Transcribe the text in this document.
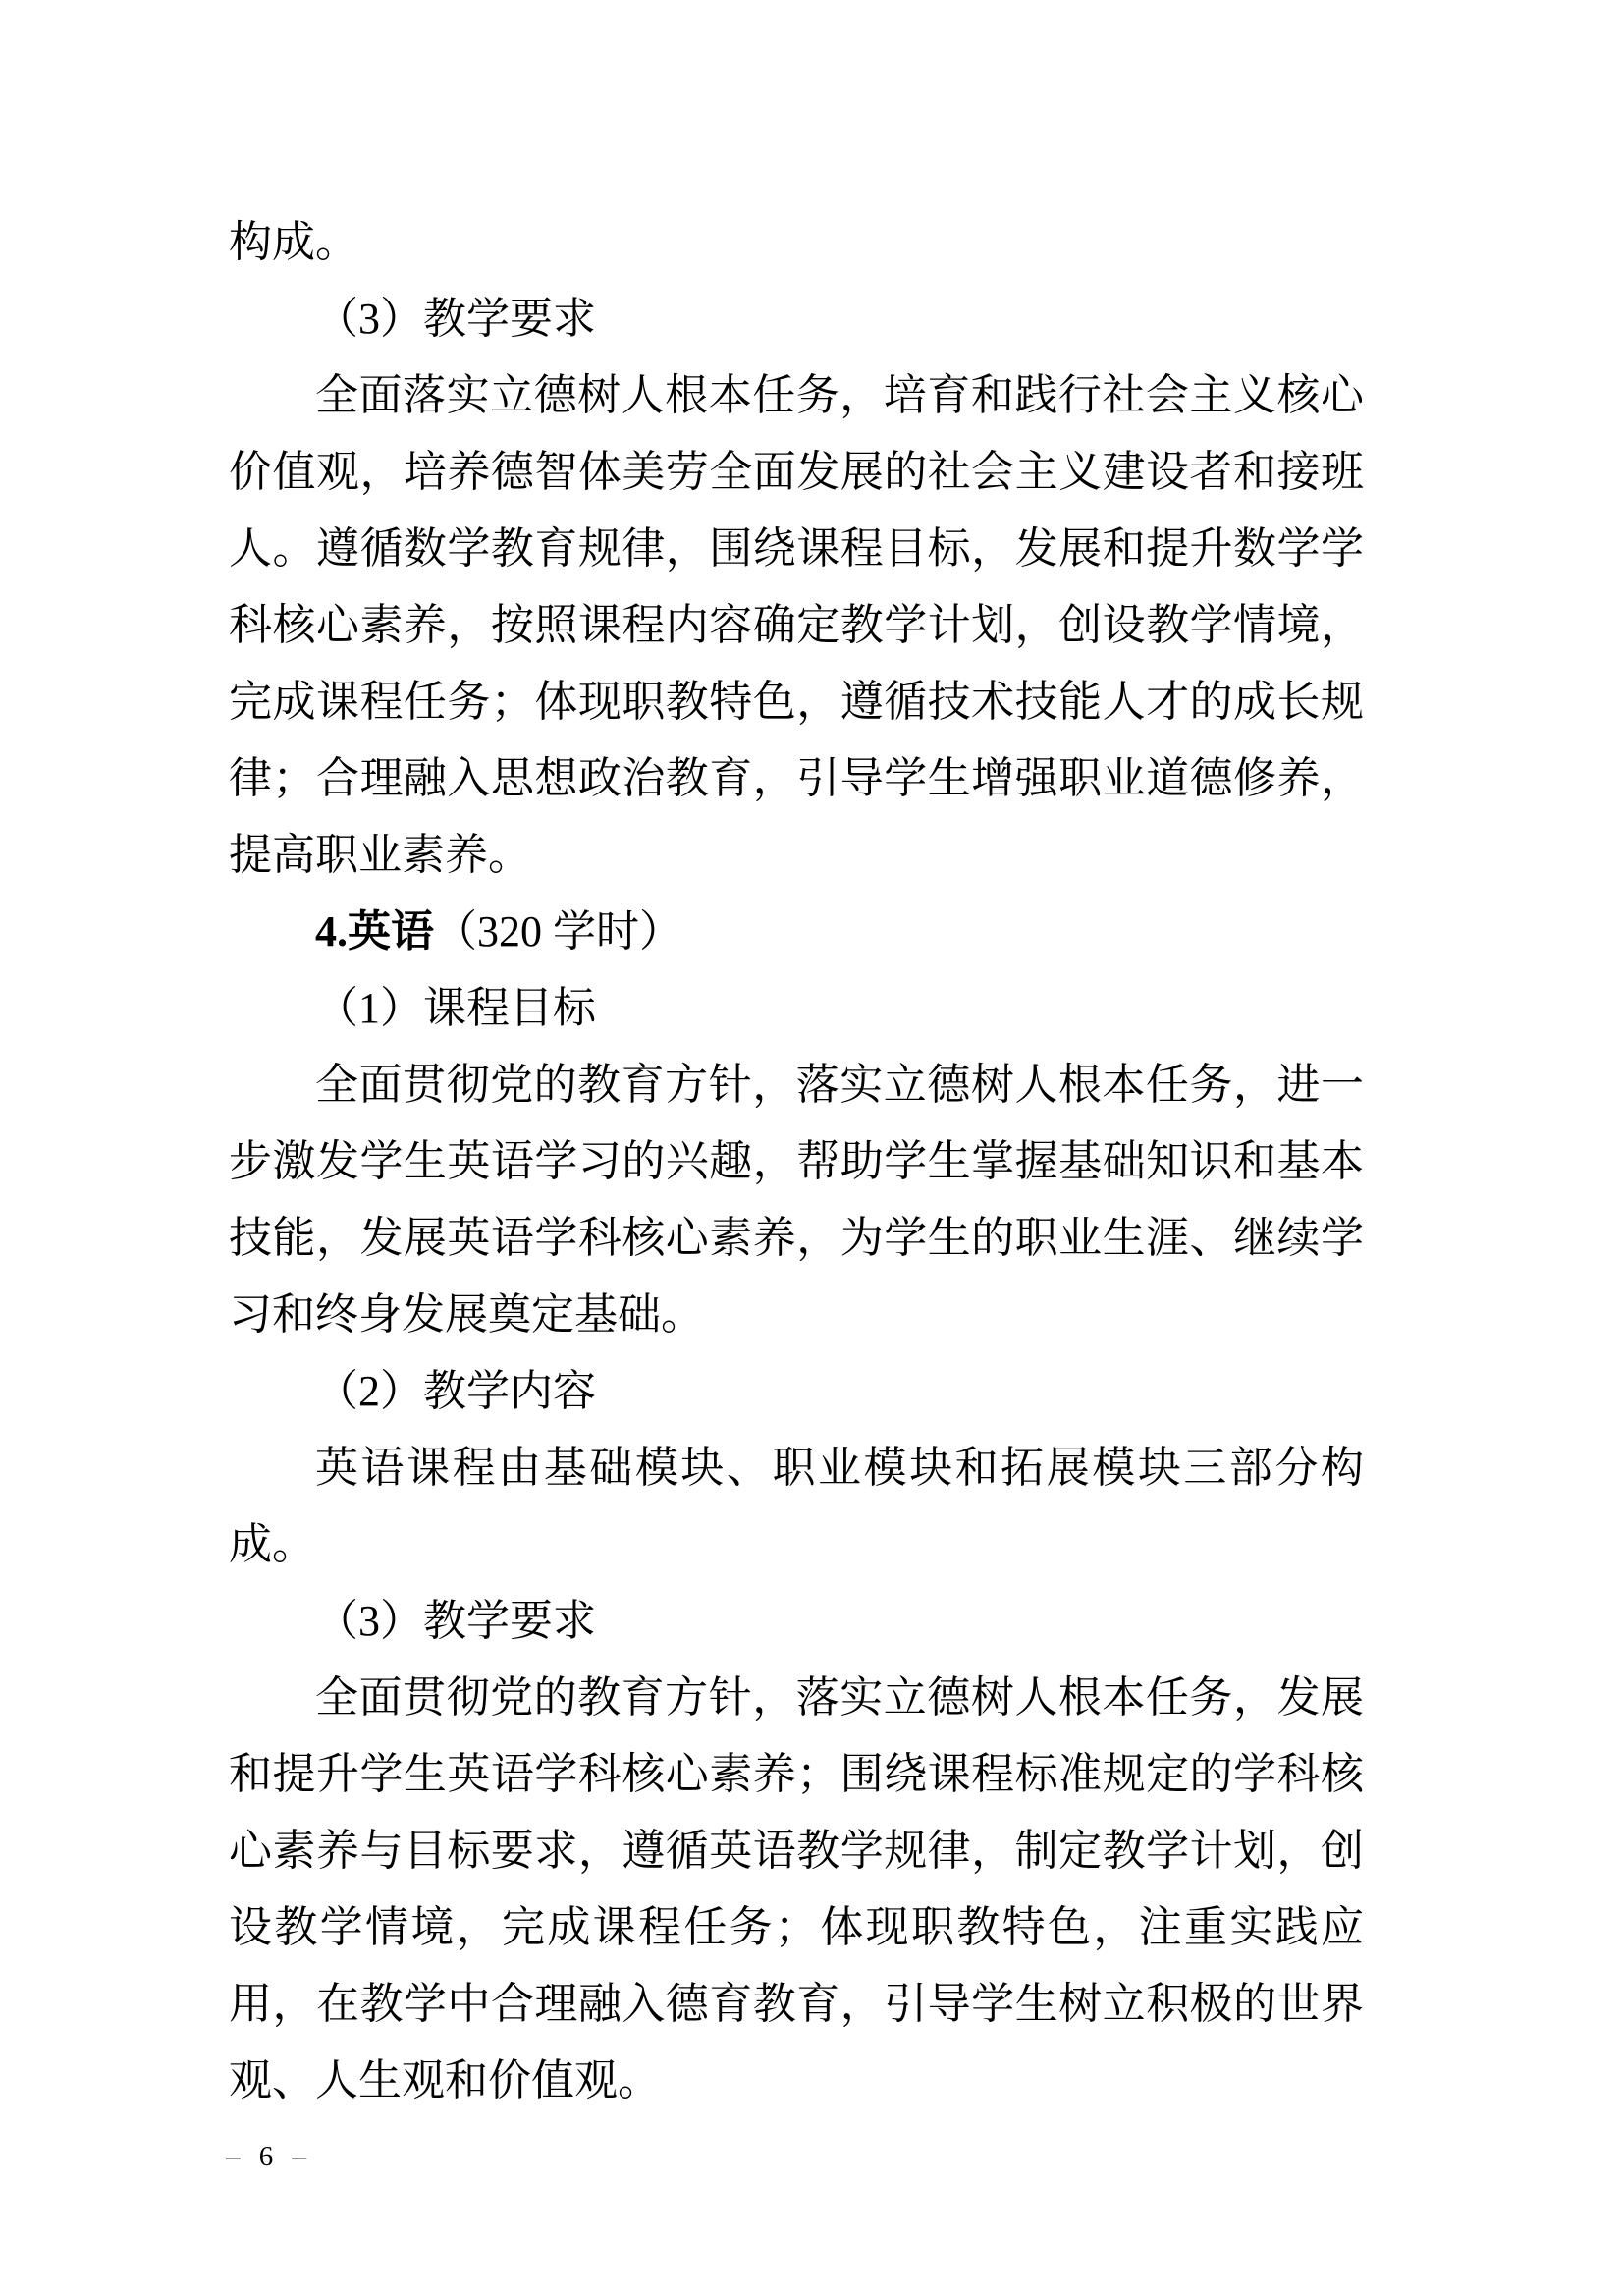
构成。

（3）教学要求

全面落实立德树人根本任务，培育和践行社会主义核心价值观，培养德智体美劳全面发展的社会主义建设者和接班人。遵循数学教育规律，围绕课程目标，发展和提升数学学科核心素养，按照课程内容确定教学计划，创设教学情境，完成课程任务；体现职教特色，遵循技术技能人才的成长规律；合理融入思想政治教育，引导学生增强职业道德修养，提高职业素养。

4.英语（320 学时）

（1）课程目标

全面贯彻党的教育方针，落实立德树人根本任务，进一步激发学生英语学习的兴趣，帮助学生掌握基础知识和基本技能，发展英语学科核心素养，为学生的职业生涯、继续学习和终身发展奠定基础。

（2）教学内容

英语课程由基础模块、职业模块和拓展模块三部分构成。

（3）教学要求

全面贯彻党的教育方针，落实立德树人根本任务，发展和提升学生英语学科核心素养；围绕课程标准规定的学科核心素养与目标要求，遵循英语教学规律，制定教学计划，创设教学情境，完成课程任务；体现职教特色，注重实践应用，在教学中合理融入德育教育，引导学生树立积极的世界观、人生观和价值观。

– 6 –
